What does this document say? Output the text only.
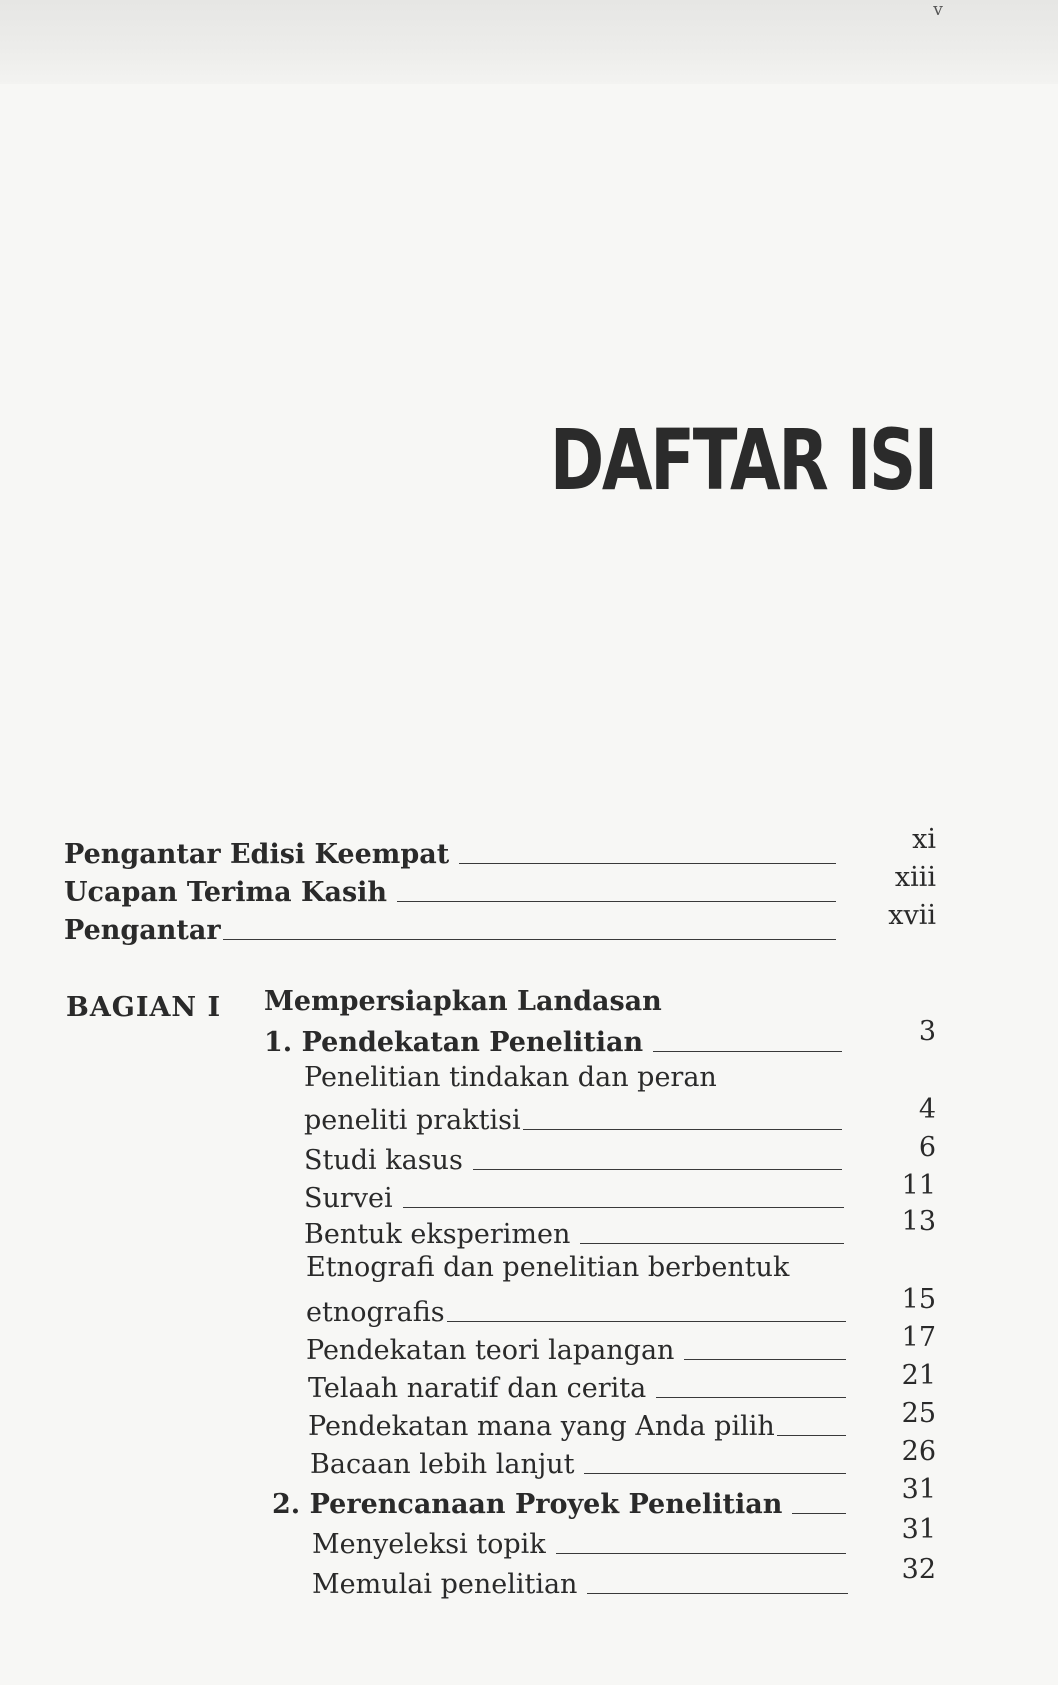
v
DAFTAR ISI
Pengantar Edisi Keempat	xi
Ucapan Terima Kasih	xiii
Pengantar	xvii
BAGIAN I Mempersiapkan Landasan
1. Pendekatan Penelitian	3
Penelitian tindakan dan peran
peneliti praktisi	4
Studi kasus	6
Survei	11
Bentuk eksperimen	13
Etnografi dan penelitian berbentuk
etnografis	15
Pendekatan teori lapangan	17
Telaah naratif dan cerita	21
Pendekatan mana yang Anda pilih	25
Bacaan lebih lanjut	26
2. Perencanaan Proyek Penelitian	31
Menyeleksi topik	31
Memulai penelitian	32
